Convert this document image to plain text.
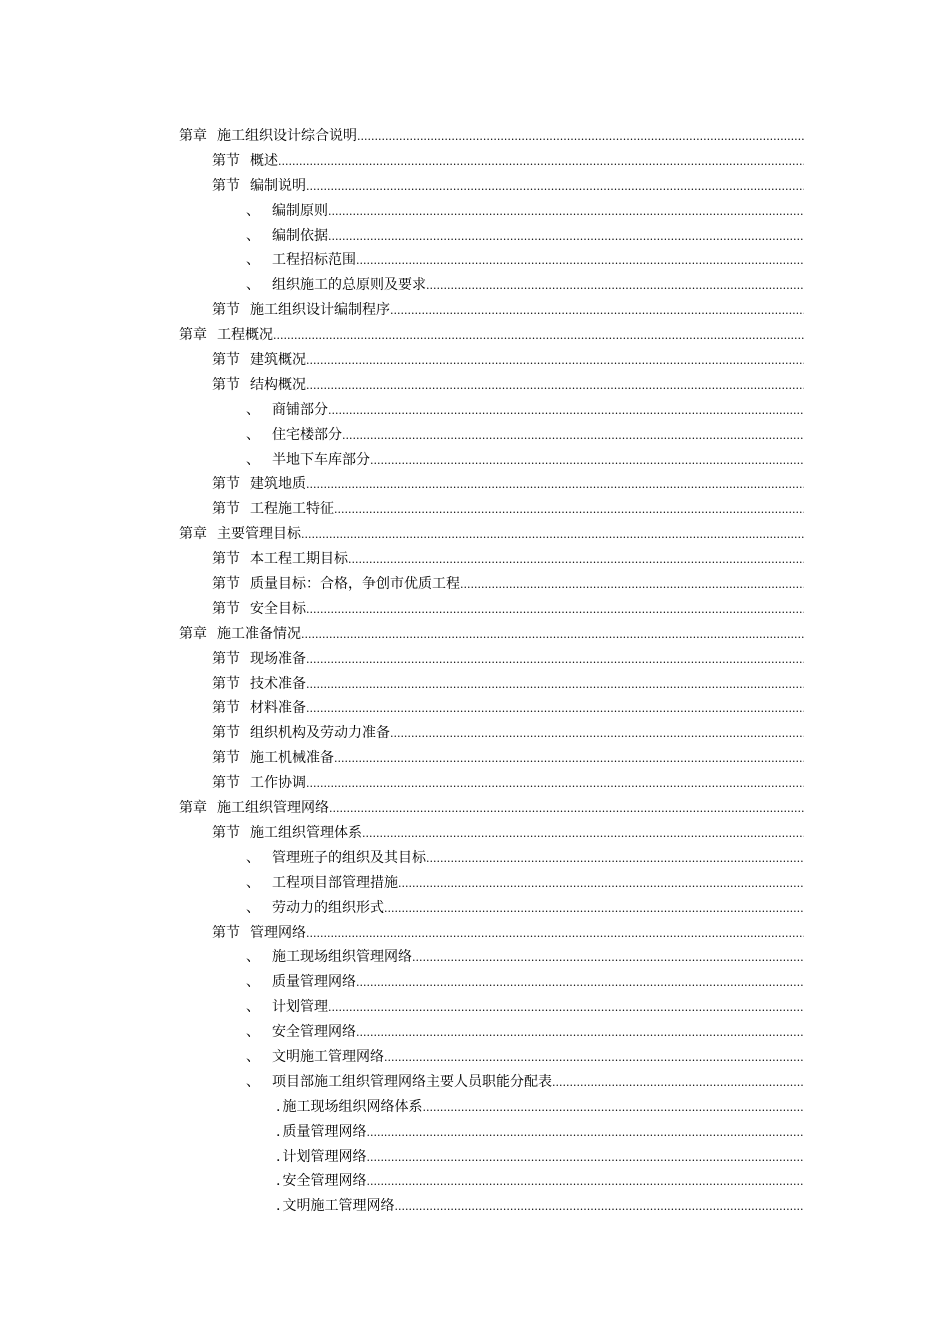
第章 施工组织设计综合说明
.....
第节 概述
.....
第节 编制说明
.....
、 编制原则
.....
、 编制依据
.....
、 工程招标范围
.....
、 组织施工的总原则及要求
.....
第节 施工组织设计编制程序
.....
第章 工程概况
.....
第节 建筑概况
.....
第节 结构概况
.....
、 商铺部分
.....
、 住宅楼部分
.....
、 半地下车库部分
.....
第节 建筑地质
.....
第节 工程施工特征
.....
第章 主要管理目标
.....
第节 本工程工期目标
.....
第节 质量目标：合格，争创市优质工程
.....
第节 安全目标
.....
第章 施工准备情况
.....
第节 现场准备
.....
第节 技术准备
.....
第节 材料准备
.....
第节 组织机构及劳动力准备
.....
第节 施工机械准备
.....
第节 工作协调
.....
第章 施工组织管理网络
.....
第节 施工组织管理体系
.....
、 管理班子的组织及其目标
.....
、 工程项目部管理措施
.....
、 劳动力的组织形式
.....
第节 管理网络
.....
、 施工现场组织管理网络
.....
、 质量管理网络
.....
、 计划管理
.....
、 安全管理网络
.....
、 文明施工管理网络
.....
、 项目部施工组织管理网络主要人员职能分配表
.....
. 施工现场组织网络体系
.....
. 质量管理网络
.....
. 计划管理网络
.....
. 安全管理网络
.....
. 文明施工管理网络
.....
